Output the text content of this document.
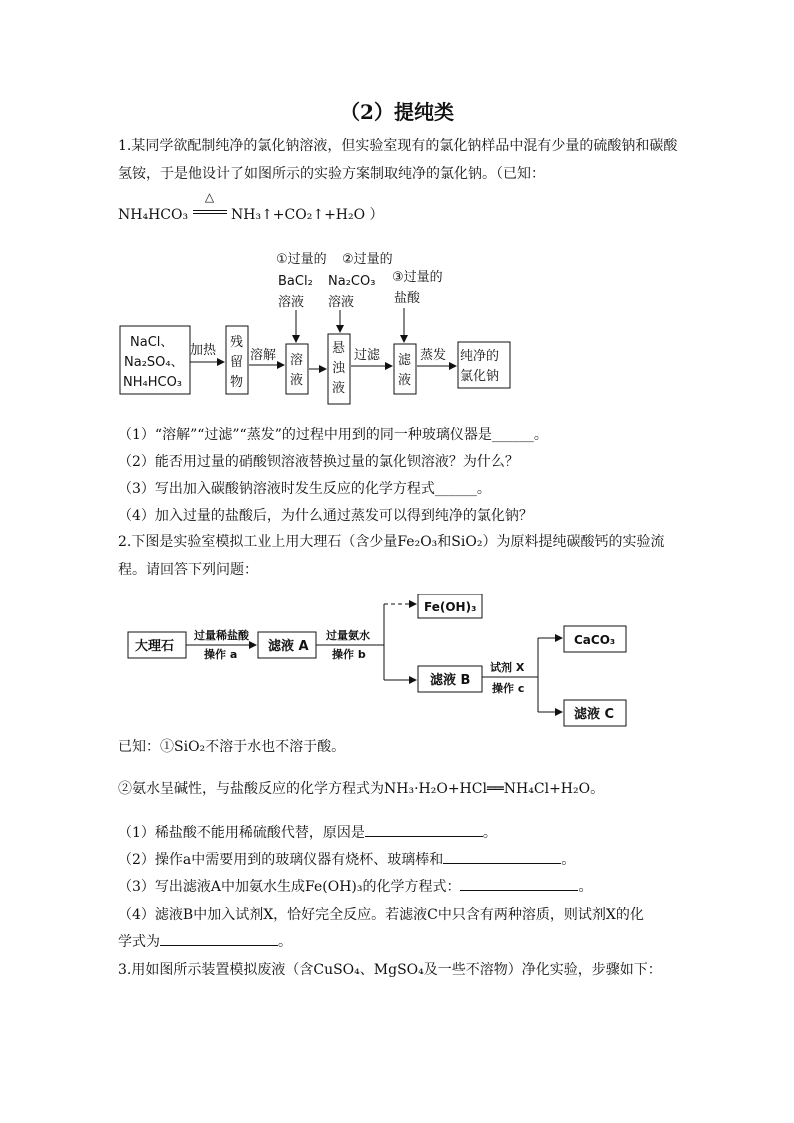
（2）提纯类
1.某同学欲配制纯净的氯化钠溶液，但实验室现有的氯化钠样品中混有少量的硫酸钠和碳酸氢铵，于是他设计了如图所示的实验方案制取纯净的氯化钠。（已知：
NH₄HCO₃
△
NH₃↑+CO₂↑+H₂O ）
①过量的
BaCl₂
溶液
②过量的
Na₂CO₃
溶液
③过量的
盐酸
NaCl、
Na₂SO₄、
NH₄HCO₃
加热
残
留
物
溶解 溶
液
悬
浊
液
过滤 滤
液
蒸发 纯净的
氯化钠
（1）“溶解”“过滤”“蒸发”的过程中用到的同一种玻璃仪器是______。
（2）能否用过量的硝酸钡溶液替换过量的氯化钡溶液？为什么？
（3）写出加入碳酸钠溶液时发生反应的化学方程式______。
（4）加入过量的盐酸后，为什么通过蒸发可以得到纯净的氯化钠？
2.下图是实验室模拟工业上用大理石（含少量Fe₂O₃和SiO₂）为原料提纯碳酸钙的实验流程。请回答下列问题：
大理石
过量稀盐酸
操作 a
滤液 A
过量氨水
操作 b
Fe(OH)₃
滤液 B
试剂 X
操作 c
CaCO₃
滤液 C
已知：①SiO₂不溶于水也不溶于酸。
②氨水呈碱性，与盐酸反应的化学方程式为NH₃·H₂O+HCl══NH₄Cl+H₂O。
（1）稀盐酸不能用稀硫酸代替，原因是	。
（2）操作a中需要用到的玻璃仪器有烧杯、玻璃棒和	。
（3）写出滤液A中加氨水生成Fe(OH)₃的化学方程式：	。
（4）滤液B中加入试剂X，恰好完全反应。若滤液C中只含有两种溶质，则试剂X的化
学式为	。
3.用如图所示装置模拟废液（含CuSO₄、MgSO₄及一些不溶物）净化实验，步骤如下：
